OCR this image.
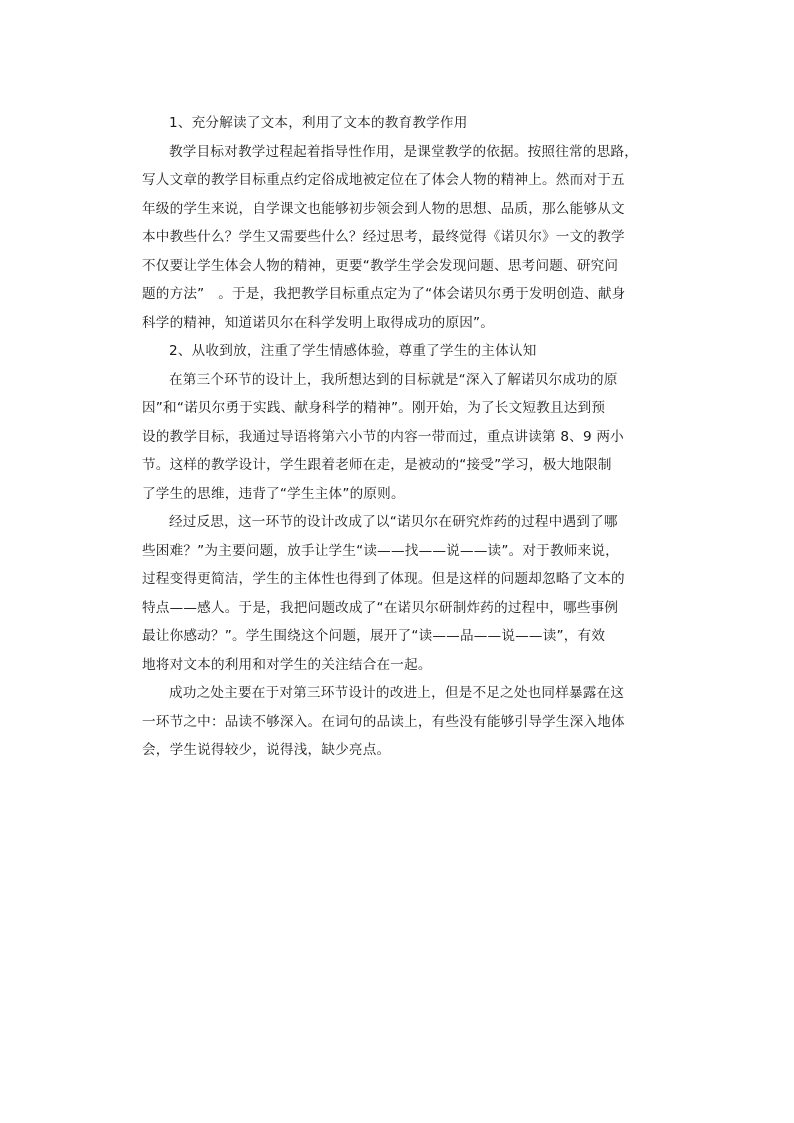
1、充分解读了文本，利用了文本的教育教学作用
教学目标对教学过程起着指导性作用，是课堂教学的依据。按照往常的思路，
写人文章的教学目标重点约定俗成地被定位在了体会人物的精神上。然而对于五
年级的学生来说，自学课文也能够初步领会到人物的思想、品质，那么能够从文
本中教些什么？学生又需要些什么？经过思考，最终觉得《诺贝尔》一文的教学
不仅要让学生体会人物的精神，更要“教学生学会发现问题、思考问题、研究问
题的方法”　。于是，我把教学目标重点定为了“体会诺贝尔勇于发明创造、献身
科学的精神，知道诺贝尔在科学发明上取得成功的原因”。
2、从收到放，注重了学生情感体验，尊重了学生的主体认知
在第三个环节的设计上，我所想达到的目标就是“深入了解诺贝尔成功的原
因”和“诺贝尔勇于实践、献身科学的精神”。刚开始，为了长文短教且达到预
设的教学目标，我通过导语将第六小节的内容一带而过，重点讲读第 8、9 两小
节。这样的教学设计，学生跟着老师在走，是被动的“接受”学习，极大地限制
了学生的思维，违背了“学生主体”的原则。
经过反思，这一环节的设计改成了以“诺贝尔在研究炸药的过程中遇到了哪
些困难？”为主要问题，放手让学生“读——找——说——读”。对于教师来说，
过程变得更简洁，学生的主体性也得到了体现。但是这样的问题却忽略了文本的
特点——感人。于是，我把问题改成了“在诺贝尔研制炸药的过程中，哪些事例
最让你感动？”。学生围绕这个问题，展开了“读——品——说——读”，有效
地将对文本的利用和对学生的关注结合在一起。
成功之处主要在于对第三环节设计的改进上，但是不足之处也同样暴露在这
一环节之中：品读不够深入。在词句的品读上，有些没有能够引导学生深入地体
会，学生说得较少，说得浅，缺少亮点。
